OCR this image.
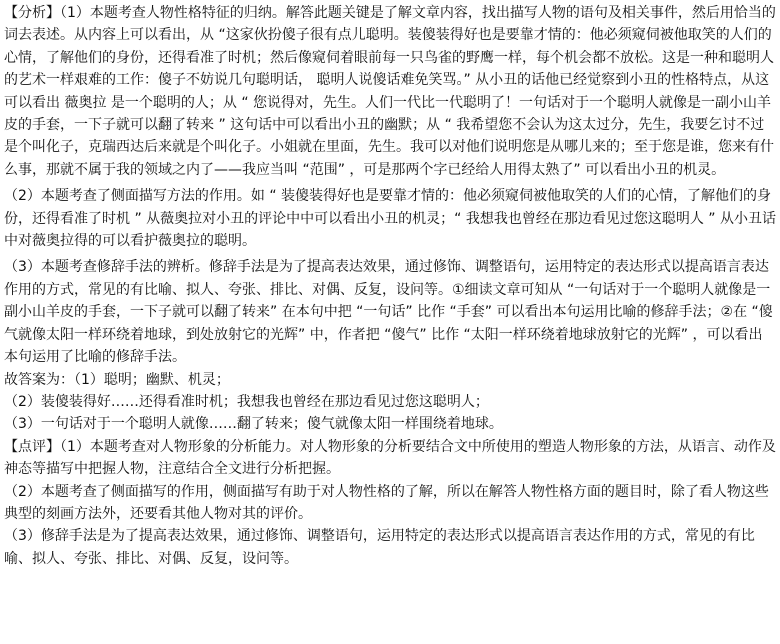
【分析】（1）本题考查人物性格特征的归纳。解答此题关键是了解文章内容，找出描写人物的语句及相关事件，然后用恰当的词去表述。从内容上可以看出，从 “这家伙扮傻子很有点儿聪明。装傻装得好也是要靠才情的：他必须窥伺被他取笑的人们的心情，了解他们的身份，还得看准了时机；然后像窥伺着眼前每一只鸟雀的野鹰一样，每个机会都不放松。这是一种和聪明人的艺术一样艰难的工作：傻子不妨说几句聪明话， 聪明人说傻话难免笑骂。” 从小丑的话他已经觉察到小丑的性格特点，从这可以看出 薇奥拉 是一个聪明的人；从 “ 您说得对，先生。人们一代比一代聪明了！一句话对于一个聪明人就像是一副小山羊皮的手套，一下子就可以翻了转来 ” 这句话中可以看出小丑的幽默；从 “ 我希望您不会认为这太过分，先生，我要乞讨不过是个叫化子，克瑞西达后来就是个叫化子。小姐就在里面，先生。我可以对他们说明您是从哪儿来的；至于您是谁，您来有什么事，那就不属于我的领域之内了——我应当叫 “范围” ，可是那两个字已经给人用得太熟了” 可以看出小丑的机灵。

（2）本题考查了侧面描写方法的作用。如 “ 装傻装得好也是要靠才情的：他必须窥伺被他取笑的人们的心情，了解他们的身份，还得看准了时机 ” 从薇奥拉对小丑的评论中中可以看出小丑的机灵；“ 我想我也曾经在那边看见过您这聪明人 ” 从小丑话中对薇奥拉得的可以看护薇奥拉的聪明。

（3）本题考查修辞手法的辨析。修辞手法是为了提高表达效果，通过修饰、调整语句，运用特定的表达形式以提高语言表达作用的方式，常见的有比喻、拟人、夸张、排比、对偶、反复，设问等。①细读文章可知从 “一句话对于一个聪明人就像是一副小山羊皮的手套，一下子就可以翻了转来” 在本句中把 “一句话” 比作 “手套” 可以看出本句运用比喻的修辞手法；②在 “傻气就像太阳一样环绕着地球，到处放射它的光辉” 中，作者把 “傻气” 比作 “太阳一样环绕着地球放射它的光辉” ，可以看出本句运用了比喻的修辞手法。

故答案为：（1）聪明；幽默、机灵；

（2）装傻装得好……还得看准时机；我想我也曾经在那边看见过您这聪明人；

（3）一句话对于一个聪明人就像……翻了转来；傻气就像太阳一样围绕着地球。

【点评】（1）本题考查对人物形象的分析能力。对人物形象的分析要结合文中所使用的塑造人物形象的方法，从语言、动作及神态等描写中把握人物，注意结合全文进行分析把握。

（2）本题考查了侧面描写的作用，侧面描写有助于对人物性格的了解，所以在解答人物性格方面的题目时，除了看人物这些典型的刻画方法外，还要看其他人物对其的评价。

（3）修辞手法是为了提高表达效果，通过修饰、调整语句，运用特定的表达形式以提高语言表达作用的方式，常见的有比喻、拟人、夸张、排比、对偶、反复，设问等。
